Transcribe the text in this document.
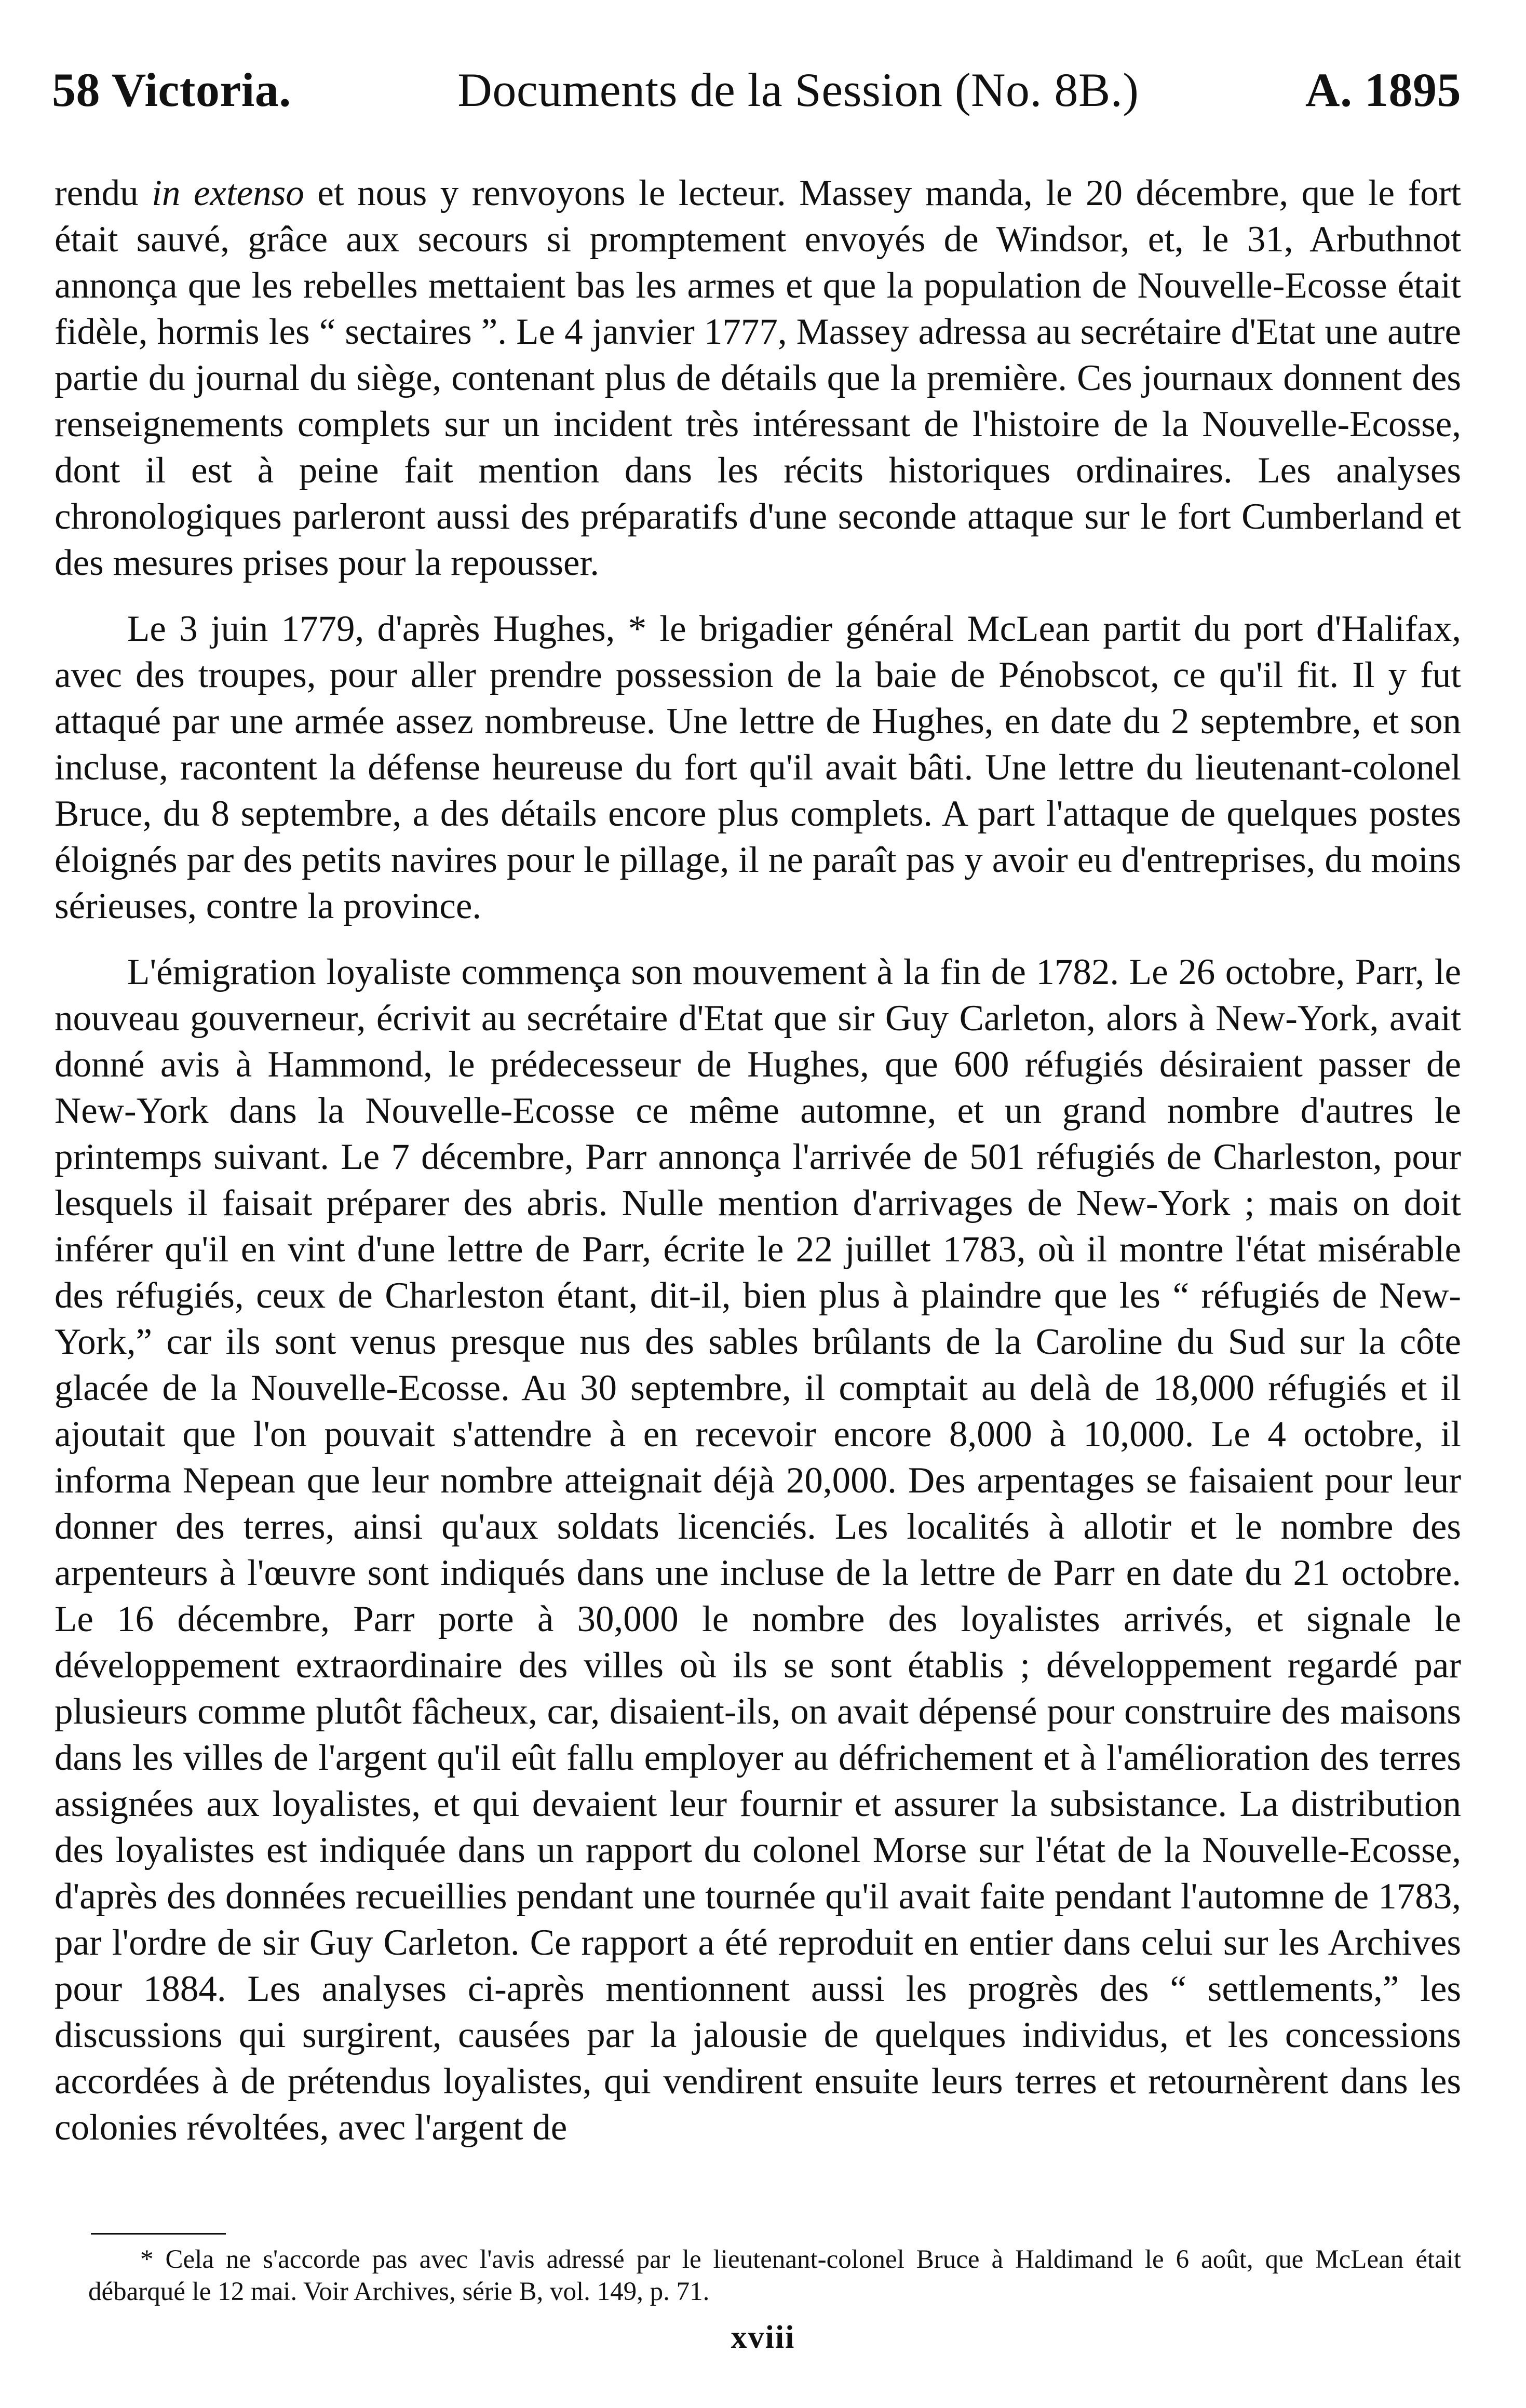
58 Victoria.	Documents de la Session (No. 8B.)	A. 1895

rendu in extenso et nous y renvoyons le lecteur. Massey manda, le 20 décembre, que le fort était sauvé, grâce aux secours si promptement envoyés de Windsor, et, le 31, Arbuthnot annonça que les rebelles mettaient bas les armes et que la population de Nouvelle-Ecosse était fidèle, hormis les “ sectaires ”. Le 4 janvier 1777, Massey adressa au secrétaire d'Etat une autre partie du journal du siège, contenant plus de détails que la première. Ces journaux donnent des renseignements complets sur un incident très intéressant de l'histoire de la Nouvelle-Ecosse, dont il est à peine fait mention dans les récits historiques ordinaires. Les analyses chronologiques parleront aussi des préparatifs d'une seconde attaque sur le fort Cumberland et des mesures prises pour la repousser.

Le 3 juin 1779, d'après Hughes, * le brigadier général McLean partit du port d'Halifax, avec des troupes, pour aller prendre possession de la baie de Pénobscot, ce qu'il fit. Il y fut attaqué par une armée assez nombreuse. Une lettre de Hughes, en date du 2 septembre, et son incluse, racontent la défense heureuse du fort qu'il avait bâti. Une lettre du lieutenant-colonel Bruce, du 8 septembre, a des détails encore plus complets. A part l'attaque de quelques postes éloignés par des petits navires pour le pillage, il ne paraît pas y avoir eu d'entreprises, du moins sérieuses, contre la province.

L'émigration loyaliste commença son mouvement à la fin de 1782. Le 26 octobre, Parr, le nouveau gouverneur, écrivit au secrétaire d'Etat que sir Guy Carleton, alors à New-York, avait donné avis à Hammond, le prédecesseur de Hughes, que 600 réfugiés désiraient passer de New-York dans la Nouvelle-Ecosse ce même automne, et un grand nombre d'autres le printemps suivant. Le 7 décembre, Parr annonça l'arrivée de 501 réfugiés de Charleston, pour lesquels il faisait préparer des abris. Nulle mention d'arrivages de New-York ; mais on doit inférer qu'il en vint d'une lettre de Parr, écrite le 22 juillet 1783, où il montre l'état misérable des réfugiés, ceux de Charleston étant, dit-il, bien plus à plaindre que les “ réfugiés de New-York,” car ils sont venus presque nus des sables brûlants de la Caroline du Sud sur la côte glacée de la Nouvelle-Ecosse. Au 30 septembre, il comptait au delà de 18,000 réfugiés et il ajoutait que l'on pouvait s'attendre à en recevoir encore 8,000 à 10,000. Le 4 octobre, il informa Nepean que leur nombre atteignait déjà 20,000. Des arpentages se faisaient pour leur donner des terres, ainsi qu'aux soldats licenciés. Les localités à allotir et le nombre des arpenteurs à l'œuvre sont indiqués dans une incluse de la lettre de Parr en date du 21 octobre. Le 16 décembre, Parr porte à 30,000 le nombre des loyalistes arrivés, et signale le développement extraordinaire des villes où ils se sont établis ; développement regardé par plusieurs comme plutôt fâcheux, car, disaient-ils, on avait dépensé pour construire des maisons dans les villes de l'argent qu'il eût fallu employer au défrichement et à l'amélioration des terres assignées aux loyalistes, et qui devaient leur fournir et assurer la subsistance. La distribution des loyalistes est indiquée dans un rapport du colonel Morse sur l'état de la Nouvelle-Ecosse, d'après des données recueillies pendant une tournée qu'il avait faite pendant l'automne de 1783, par l'ordre de sir Guy Carleton. Ce rapport a été reproduit en entier dans celui sur les Archives pour 1884. Les analyses ci-après mentionnent aussi les progrès des “ settlements,” les discussions qui surgirent, causées par la jalousie de quelques individus, et les concessions accordées à de prétendus loyalistes, qui vendirent ensuite leurs terres et retournèrent dans les colonies révoltées, avec l'argent de

* Cela ne s'accorde pas avec l'avis adressé par le lieutenant-colonel Bruce à Haldimand le 6 août, que McLean était débarqué le 12 mai. Voir Archives, série B, vol. 149, p. 71.
xviii
